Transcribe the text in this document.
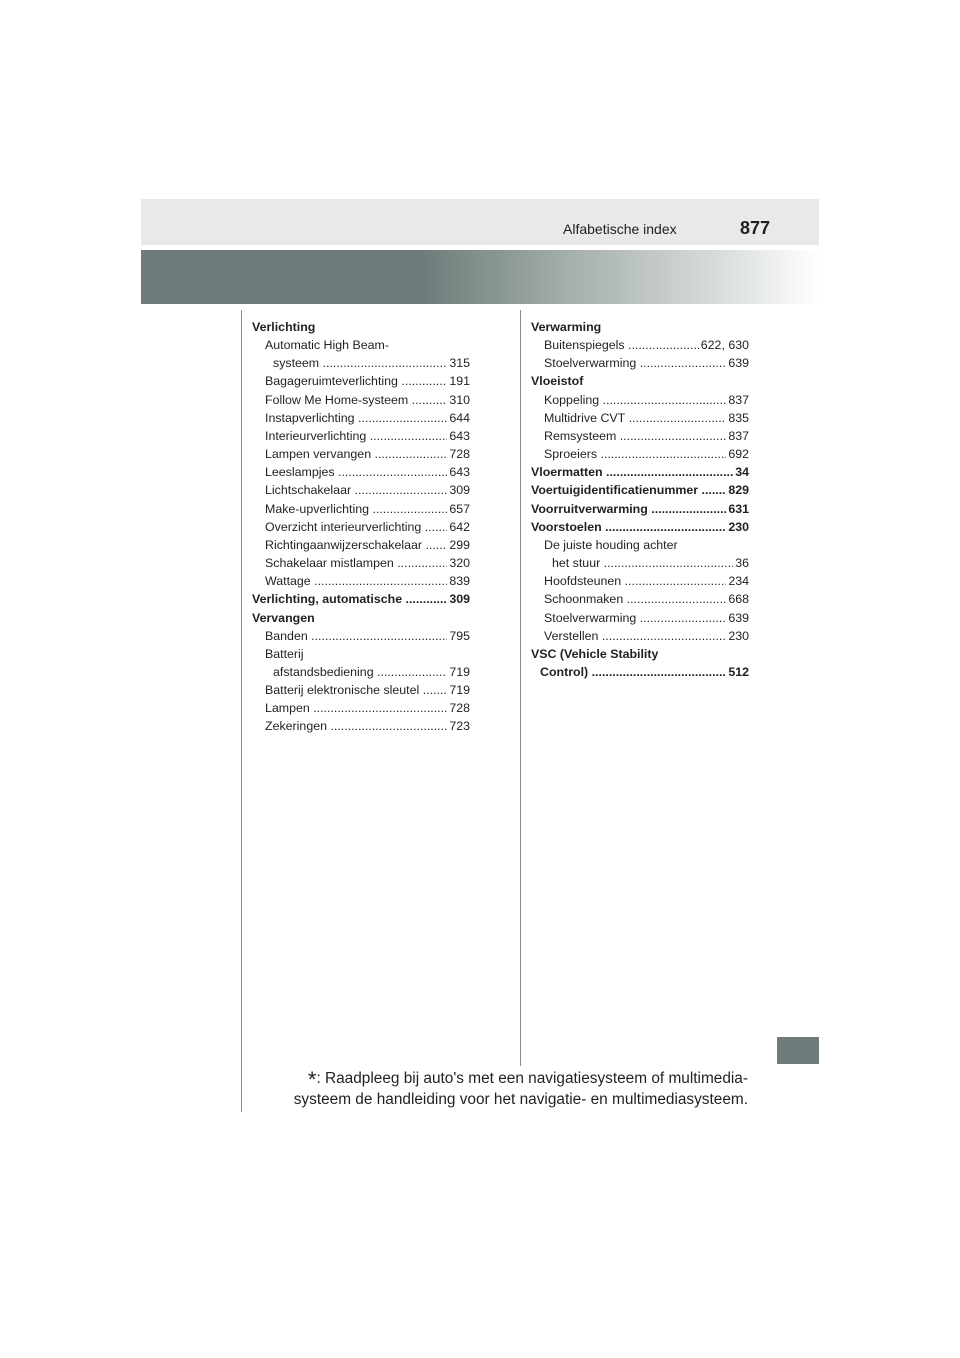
Alfabetische index	877
Verlichting
Automatic High Beam-
systeem	315
.....
Bagageruimteverlichting	191
.....
Follow Me Home-systeem	310
.....
Instapverlichting	644
.....
Interieurverlichting	643
.....
Lampen vervangen	728
.....
Leeslampjes	643
.....
Lichtschakelaar	309
.....
Make-upverlichting	657
.....
Overzicht interieurverlichting 642
.....
Richtingaanwijzerschakelaar 299
.....
Schakelaar mistlampen	320
.....
Wattage	839
.....
Verlichting, automatische	309
.....
Vervangen
Banden	795
.....
Batterij
afstandsbediening	719
.....
Batterij elektronische sleutel 719
.....
Lampen	728
.....
Zekeringen	723
.....
Verwarming
Buitenspiegels	622, 630
.....
Stoelverwarming	639
.....
Vloeistof
Koppeling	837
.....
Multidrive CVT	835
.....
Remsysteem	837
.....
Sproeiers	692
.....
Vloermatten	34
.....
Voertuigidentificatienummer 829
.....
Voorruitverwarming	631
.....
Voorstoelen	230
.....
De juiste houding achter
het stuur	36
.....
Hoofdsteunen	234
.....
Schoonmaken	668
.....
Stoelverwarming	639
.....
Verstellen	230
.....
VSC (Vehicle Stability
Control)	512
.....
*: Raadpleeg bij auto's met een navigatiesysteem of multimedia-
systeem de handleiding voor het navigatie- en multimediasysteem.
